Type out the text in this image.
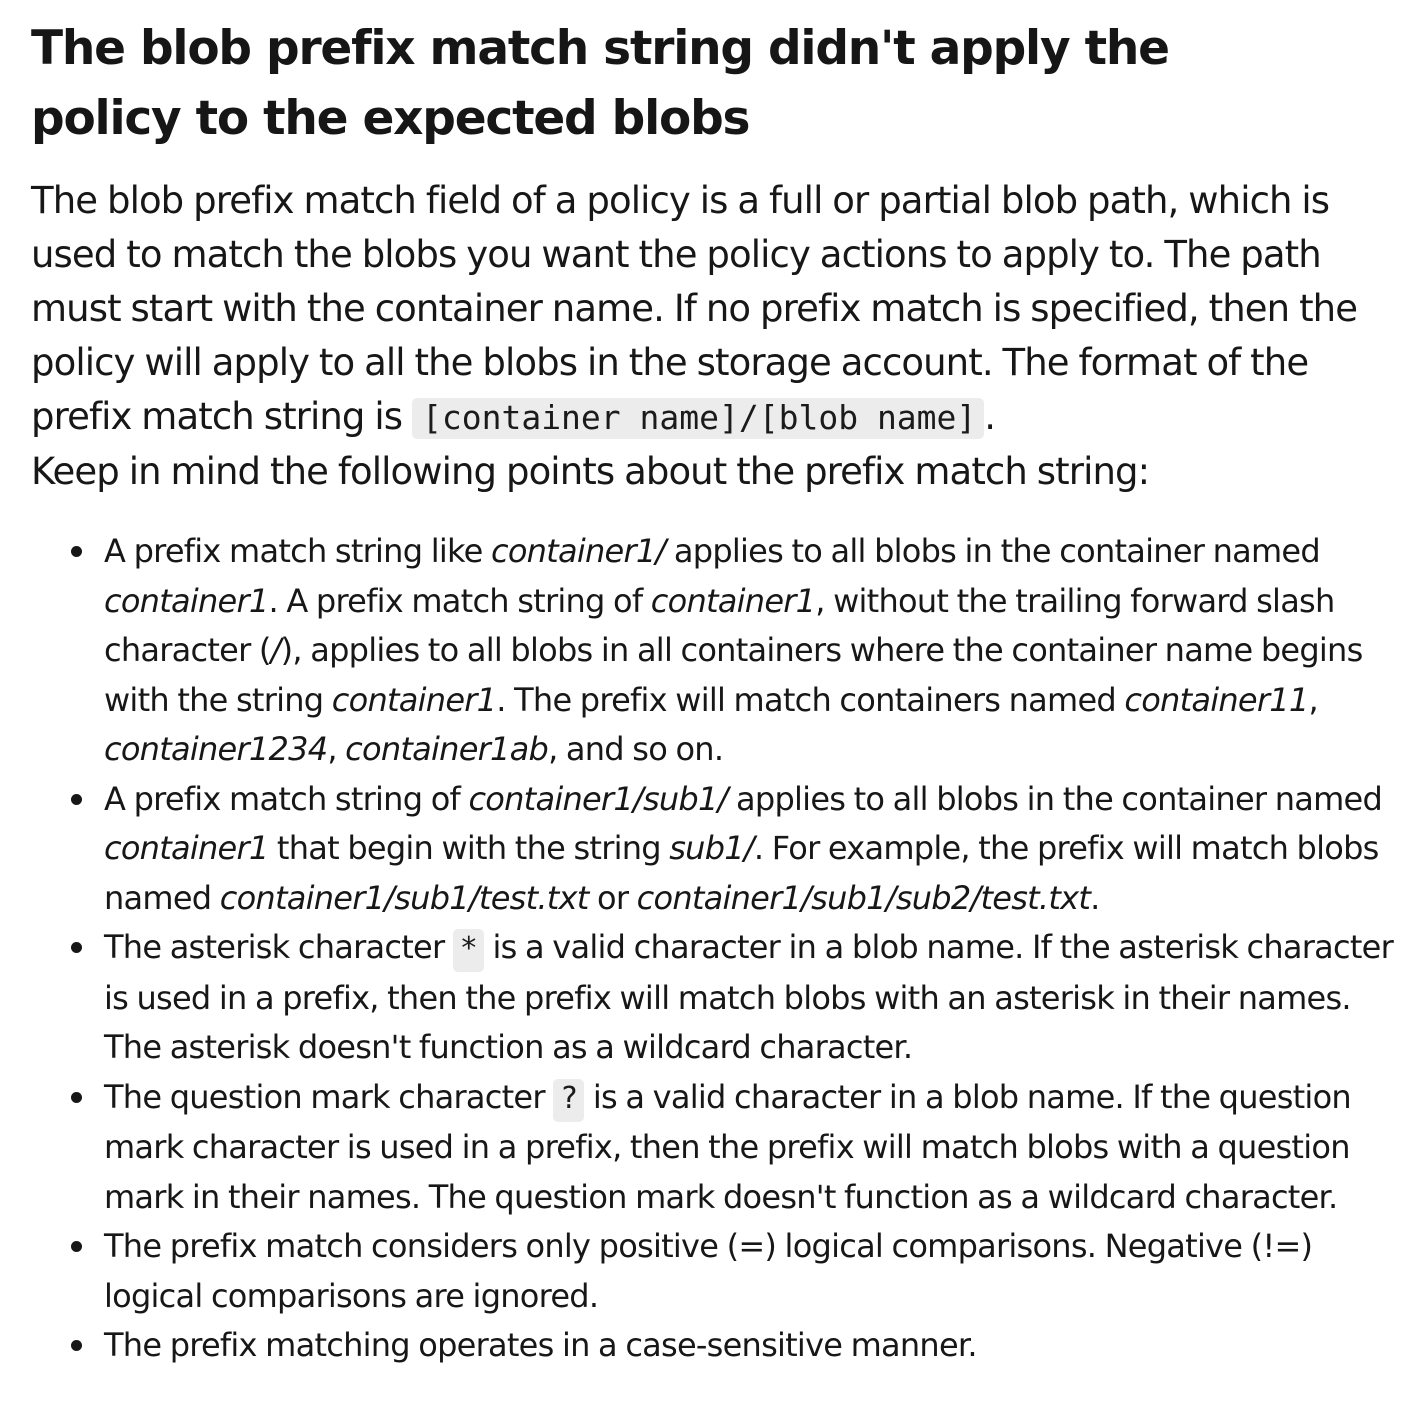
The blob prefix match string didn't apply the policy to the expected blobs

The blob prefix match field of a policy is a full or partial blob path, which is used to match the blobs you want the policy actions to apply to. The path must start with the container name. If no prefix match is specified, then the policy will apply to all the blobs in the storage account. The format of the prefix match string is [container name]/[blob name] .
Keep in mind the following points about the prefix match string:

A prefix match string like container1/ applies to all blobs in the container named container1. A prefix match string of container1, without the trailing forward slash character (/), applies to all blobs in all containers where the container name begins with the string container1. The prefix will match containers named container11, container1234, container1ab, and so on.
A prefix match string of container1/sub1/ applies to all blobs in the container named container1 that begin with the string sub1/. For example, the prefix will match blobs named container1/sub1/test.txt or container1/sub1/sub2/test.txt.
The asterisk character * is a valid character in a blob name. If the asterisk character is used in a prefix, then the prefix will match blobs with an asterisk in their names. The asterisk doesn't function as a wildcard character.
The question mark character ? is a valid character in a blob name. If the question mark character is used in a prefix, then the prefix will match blobs with a question mark in their names. The question mark doesn't function as a wildcard character.
The prefix match considers only positive (=) logical comparisons. Negative (!=) logical comparisons are ignored.
The prefix matching operates in a case-sensitive manner.
